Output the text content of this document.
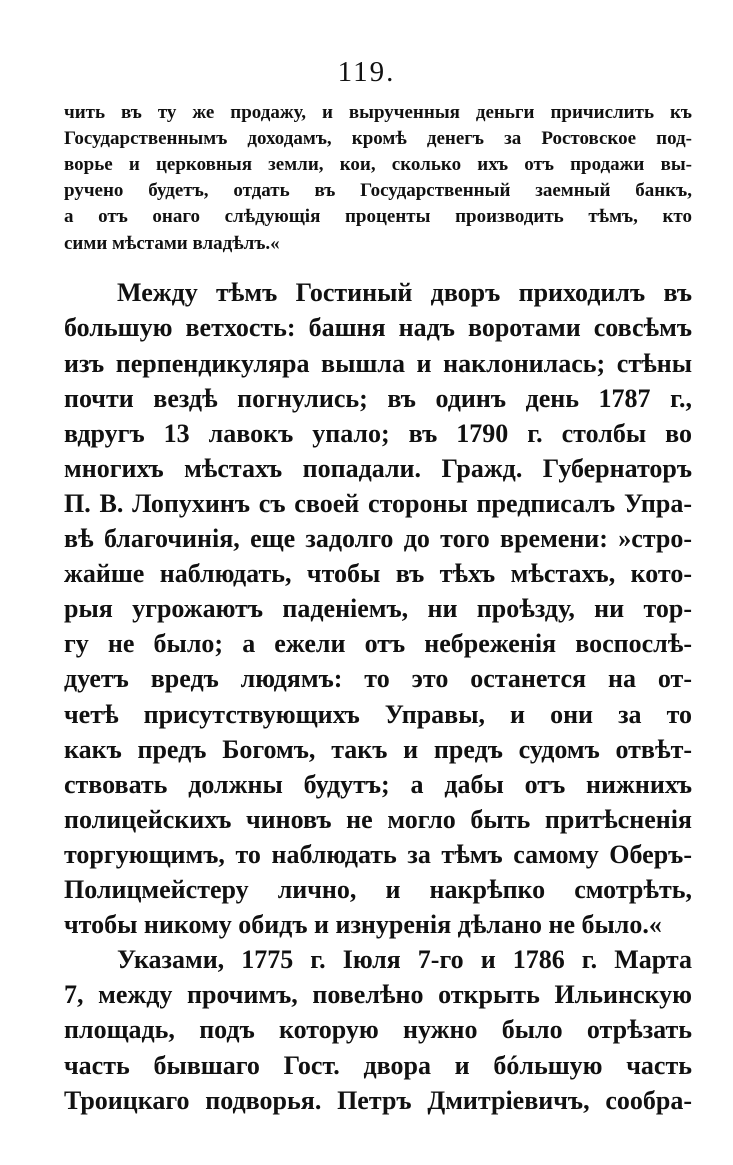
119.
чить въ ту же продажу, и вырученныя деньги причислить къ
Государственнымъ доходамъ, кромѣ денегъ за Ростовское под-
ворье и церковныя земли, кои, сколько ихъ отъ продажи вы-
ручено будетъ, отдать въ Государственный заемный банкъ,
а отъ онаго слѣдующія проценты производить тѣмъ, кто
сими мѣстами владѣлъ.«
Между тѣмъ Гостиный дворъ приходилъ въ
большую ветхость: башня надъ воротами совсѣмъ
изъ перпендикуляра вышла и наклонилась; стѣны
почти вездѣ погнулись; въ одинъ день 1787 г.,
вдругъ 13 лавокъ упало; въ 1790 г. столбы во
многихъ мѣстахъ попадали. Гражд. Губернаторъ
П. В. Лопухинъ съ своей стороны предписалъ Упра-
вѣ благочинія, еще задолго до того времени: »стро-
жайше наблюдать, чтобы въ тѣхъ мѣстахъ, кото-
рыя угрожаютъ паденіемъ, ни проѣзду, ни тор-
гу не было; а ежели отъ небреженія воспослѣ-
дуетъ вредъ людямъ: то это останется на от-
четѣ присутствующихъ Управы, и они за то
какъ предъ Богомъ, такъ и предъ судомъ отвѣт-
ствовать должны будутъ; а дабы отъ нижнихъ
полицейскихъ чиновъ не могло быть притѣсненія
торгующимъ, то наблюдать за тѣмъ самому Оберъ-
Полицмейстеру лично, и накрѣпко смотрѣть,
чтобы никому обидъ и изнуренія дѣлано не было.«
Указами, 1775 г. Іюля 7-го и 1786 г. Марта
7, между прочимъ, повелѣно открыть Ильинскую
площадь, подъ которую нужно было отрѣзать
часть бывшаго Гост. двора и бóльшую часть
Троицкаго подворья. Петръ Дмитріевичъ, сообра-
